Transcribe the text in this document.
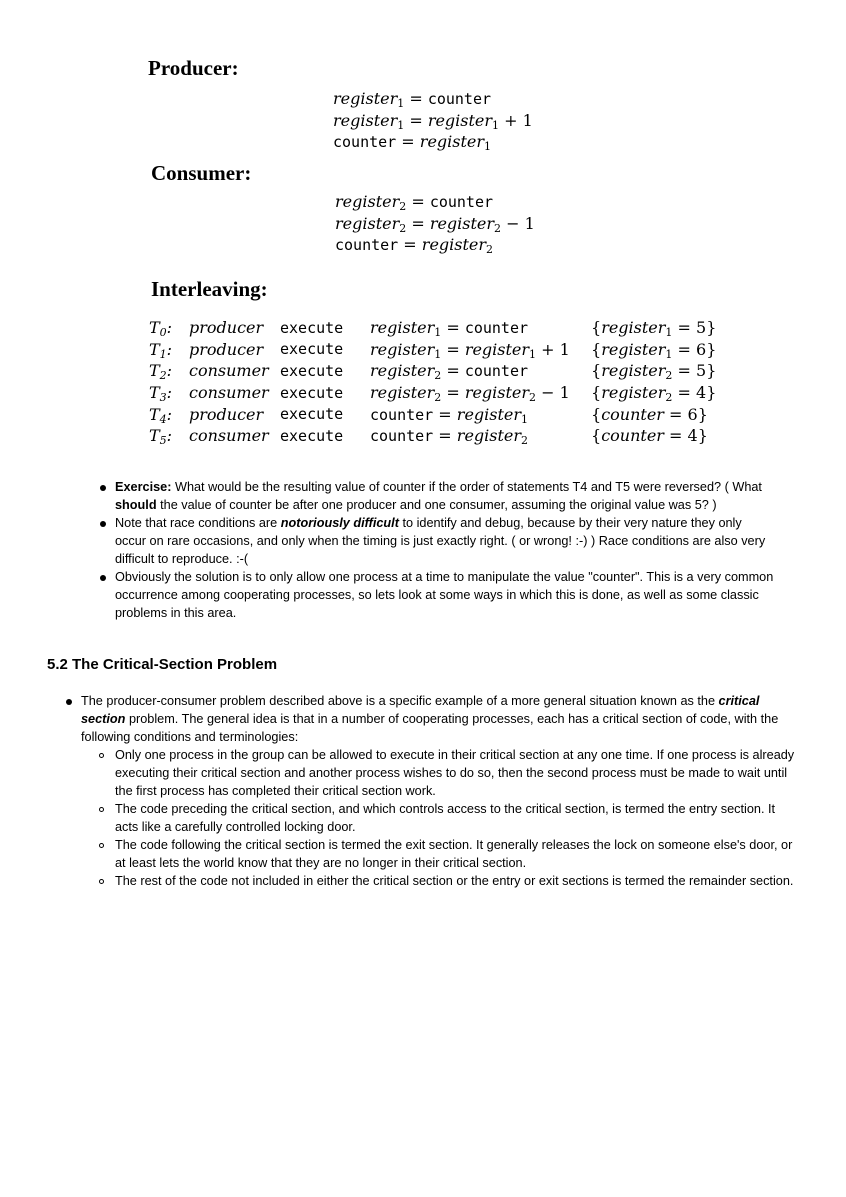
Producer:
register$_1$ = counter
register$_1$ = register$_1$ + 1
counter = register$_1$
Consumer:
register$_2$ = counter
register$_2$ = register$_2$ − 1
counter = register$_2$
Interleaving:
$T_0$:	producer	execute	register$_1$ = counter	{register$_1$ = 5}
$T_1$:	producer	execute	register$_1$ = register$_1$ + 1	{register$_1$ = 6}
$T_2$:	consumer	execute	register$_2$ = counter	{register$_2$ = 5}
$T_3$:	consumer	execute	register$_2$ = register$_2$ − 1	{register$_2$ = 4}
$T_4$:	producer	execute	counter = register$_1$	{counter = 6}
$T_5$:	consumer	execute	counter = register$_2$	{counter = 4}
Exercise: What would be the resulting value of counter if the order of statements T4 and T5 were reversed? ( What should the value of counter be after one producer and one consumer, assuming the original value was 5? )
Note that race conditions are notoriously difficult to identify and debug, because by their very nature they only occur on rare occasions, and only when the timing is just exactly right. ( or wrong! :-) ) Race conditions are also very difficult to reproduce. :-(
Obviously the solution is to only allow one process at a time to manipulate the value "counter". This is a very common occurrence among cooperating processes, so lets look at some ways in which this is done, as well as some classic problems in this area.
5.2 The Critical-Section Problem
The producer-consumer problem described above is a specific example of a more general situation known as the critical section problem. The general idea is that in a number of cooperating processes, each has a critical section of code, with the following conditions and terminologies:
Only one process in the group can be allowed to execute in their critical section at any one time. If one process is already executing their critical section and another process wishes to do so, then the second process must be made to wait until the first process has completed their critical section work.
The code preceding the critical section, and which controls access to the critical section, is termed the entry section. It acts like a carefully controlled locking door.
The code following the critical section is termed the exit section. It generally releases the lock on someone else's door, or at least lets the world know that they are no longer in their critical section.
The rest of the code not included in either the critical section or the entry or exit sections is termed the remainder section.
